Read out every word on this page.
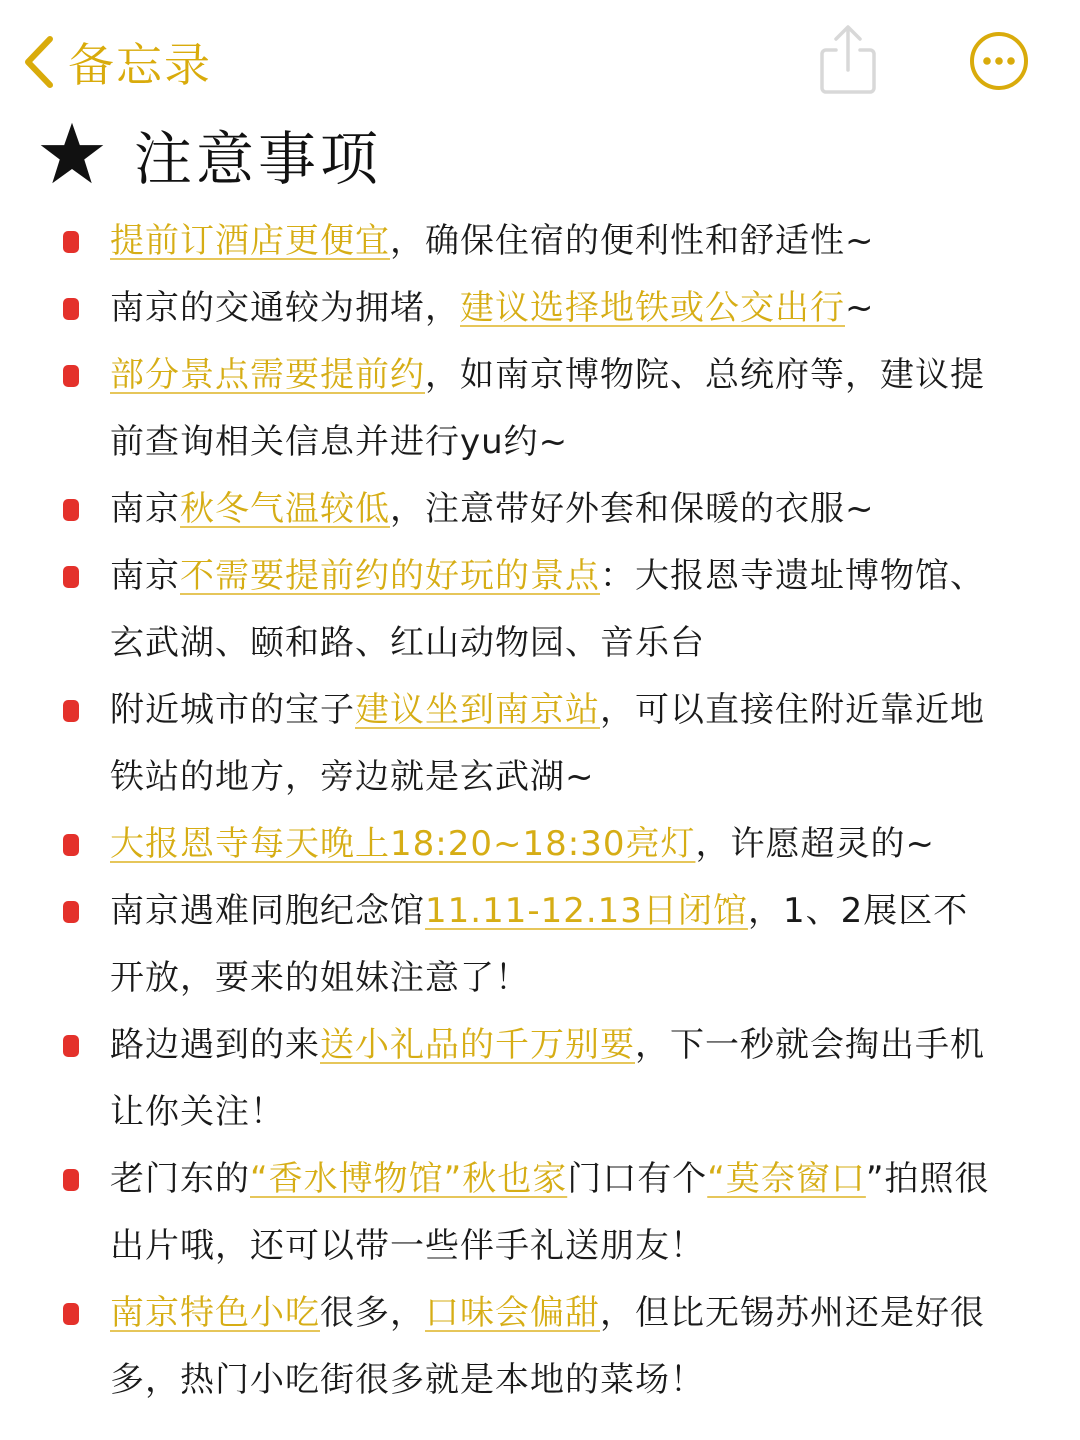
备忘录
注意事项
提前订酒店更便宜，确保住宿的便利性和舒适性~
南京的交通较为拥堵，建议选择地铁或公交出行~
部分景点需要提前约，如南京博物院、总统府等，建议提前查询相关信息并进行yu约~
南京秋冬气温较低，注意带好外套和保暖的衣服~
南京不需要提前约的好玩的景点：大报恩寺遗址博物馆、玄武湖、颐和路、红山动物园、音乐台
附近城市的宝子建议坐到南京站，可以直接住附近靠近地铁站的地方，旁边就是玄武湖~
大报恩寺每天晚上18:20~18:30亮灯，许愿超灵的~
南京遇难同胞纪念馆11.11-12.13日闭馆，1、2展区不开放，要来的姐妹注意了！
路边遇到的来送小礼品的千万别要，下一秒就会掏出手机让你关注！
老门东的“香水博物馆”秋也家门口有个“莫奈窗口”拍照很出片哦，还可以带一些伴手礼送朋友！
南京特色小吃很多，口味会偏甜，但比无锡苏州还是好很多，热门小吃街很多就是本地的菜场！
